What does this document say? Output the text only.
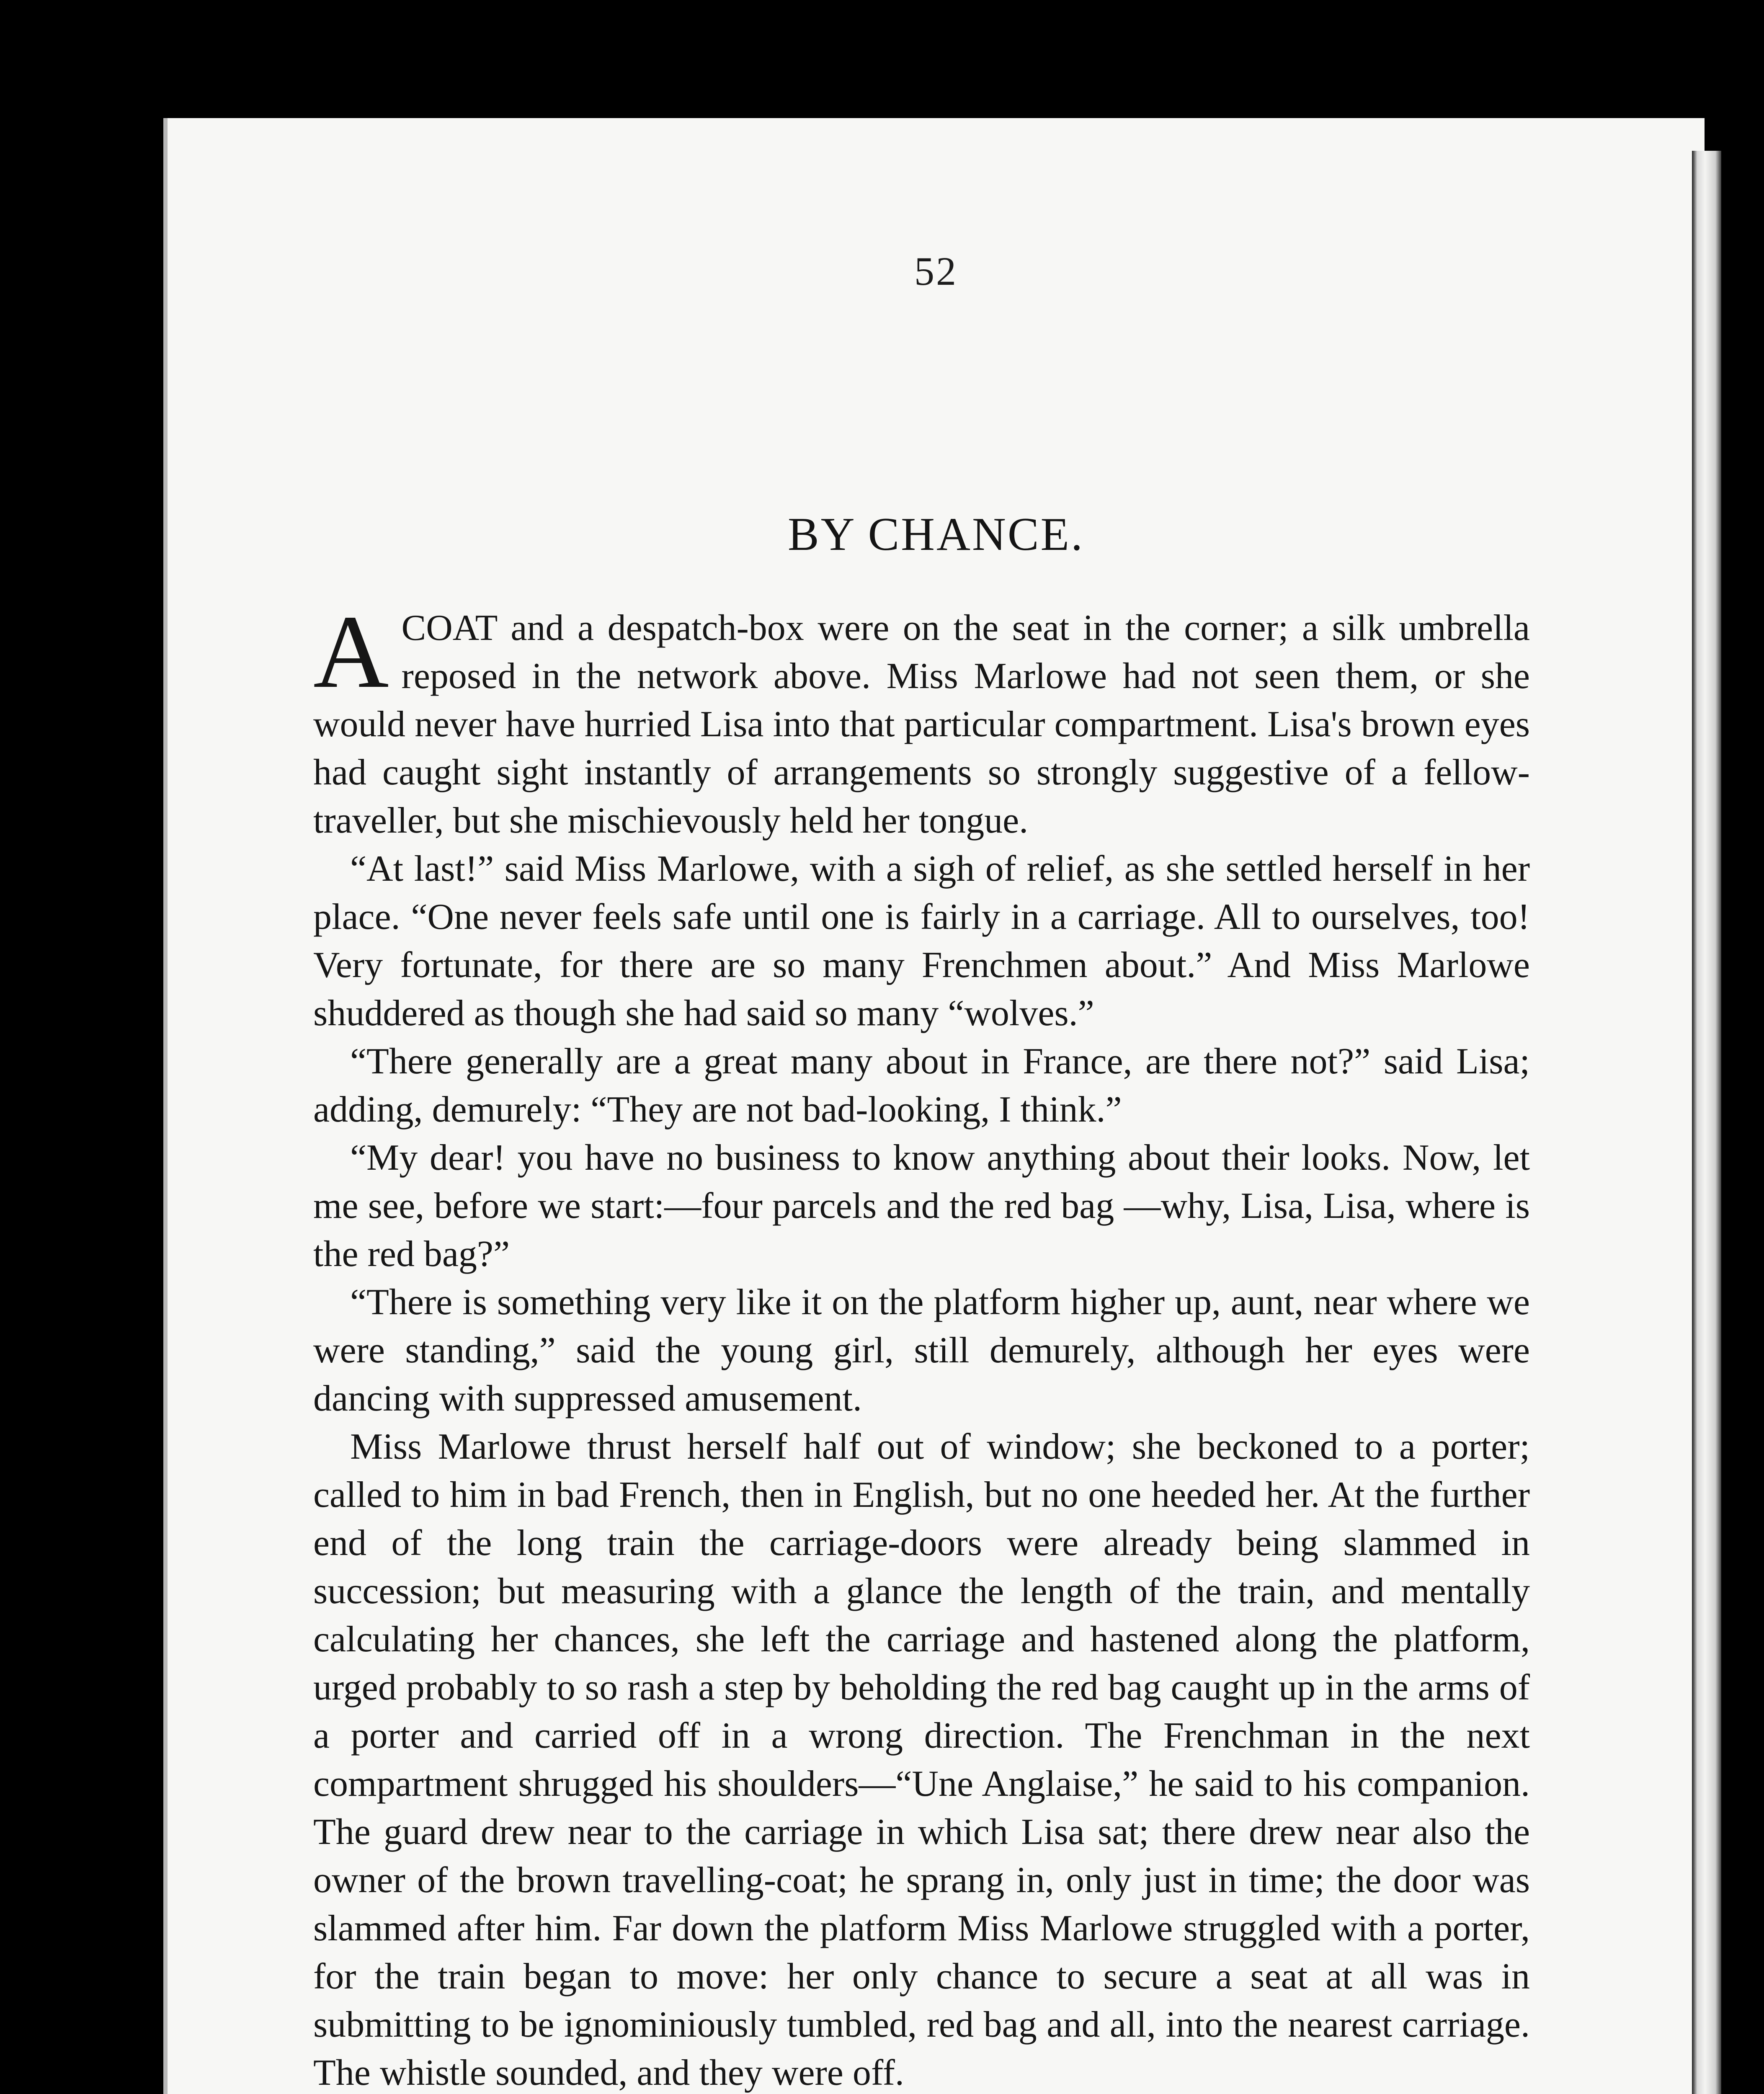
52
BY CHANCE.

ACOAT and a despatch-box were on the seat in the corner; a silk umbrella reposed in the network above. Miss Marlowe had not seen them, or she would never have hurried Lisa into that particular compartment. Lisa's brown eyes had caught sight instantly of arrangements so strongly suggestive of a fellow-traveller, but she mischievously held her tongue.

“At last!” said Miss Marlowe, with a sigh of relief, as she settled herself in her place. “One never feels safe until one is fairly in a carriage. All to ourselves, too! Very fortunate, for there are so many Frenchmen about.” And Miss Marlowe shuddered as though she had said so many “wolves.”

“There generally are a great many about in France, are there not?” said Lisa; adding, demurely: “They are not bad-looking, I think.”

“My dear! you have no business to know anything about their looks. Now, let me see, before we start:—four parcels and the red bag —why, Lisa, Lisa, where is the red bag?”

“There is something very like it on the platform higher up, aunt, near where we were standing,” said the young girl, still demurely, although her eyes were dancing with suppressed amusement.

Miss Marlowe thrust herself half out of window; she beckoned to a porter; called to him in bad French, then in English, but no one heeded her. At the further end of the long train the carriage-doors were already being slammed in succession; but measuring with a glance the length of the train, and mentally calculating her chances, she left the carriage and hastened along the platform, urged probably to so rash a step by beholding the red bag caught up in the arms of a porter and carried off in a wrong direction. The Frenchman in the next compartment shrugged his shoulders—“Une Anglaise,” he said to his companion. The guard drew near to the carriage in which Lisa sat; there drew near also the owner of the brown travelling-coat; he sprang in, only just in time; the door was slammed after him. Far down the platform Miss Marlowe struggled with a porter, for the train began to move: her only chance to secure a seat at all was in submitting to be ignominiously tumbled, red bag and all, into the nearest carriage. The whistle sounded, and they were off.
